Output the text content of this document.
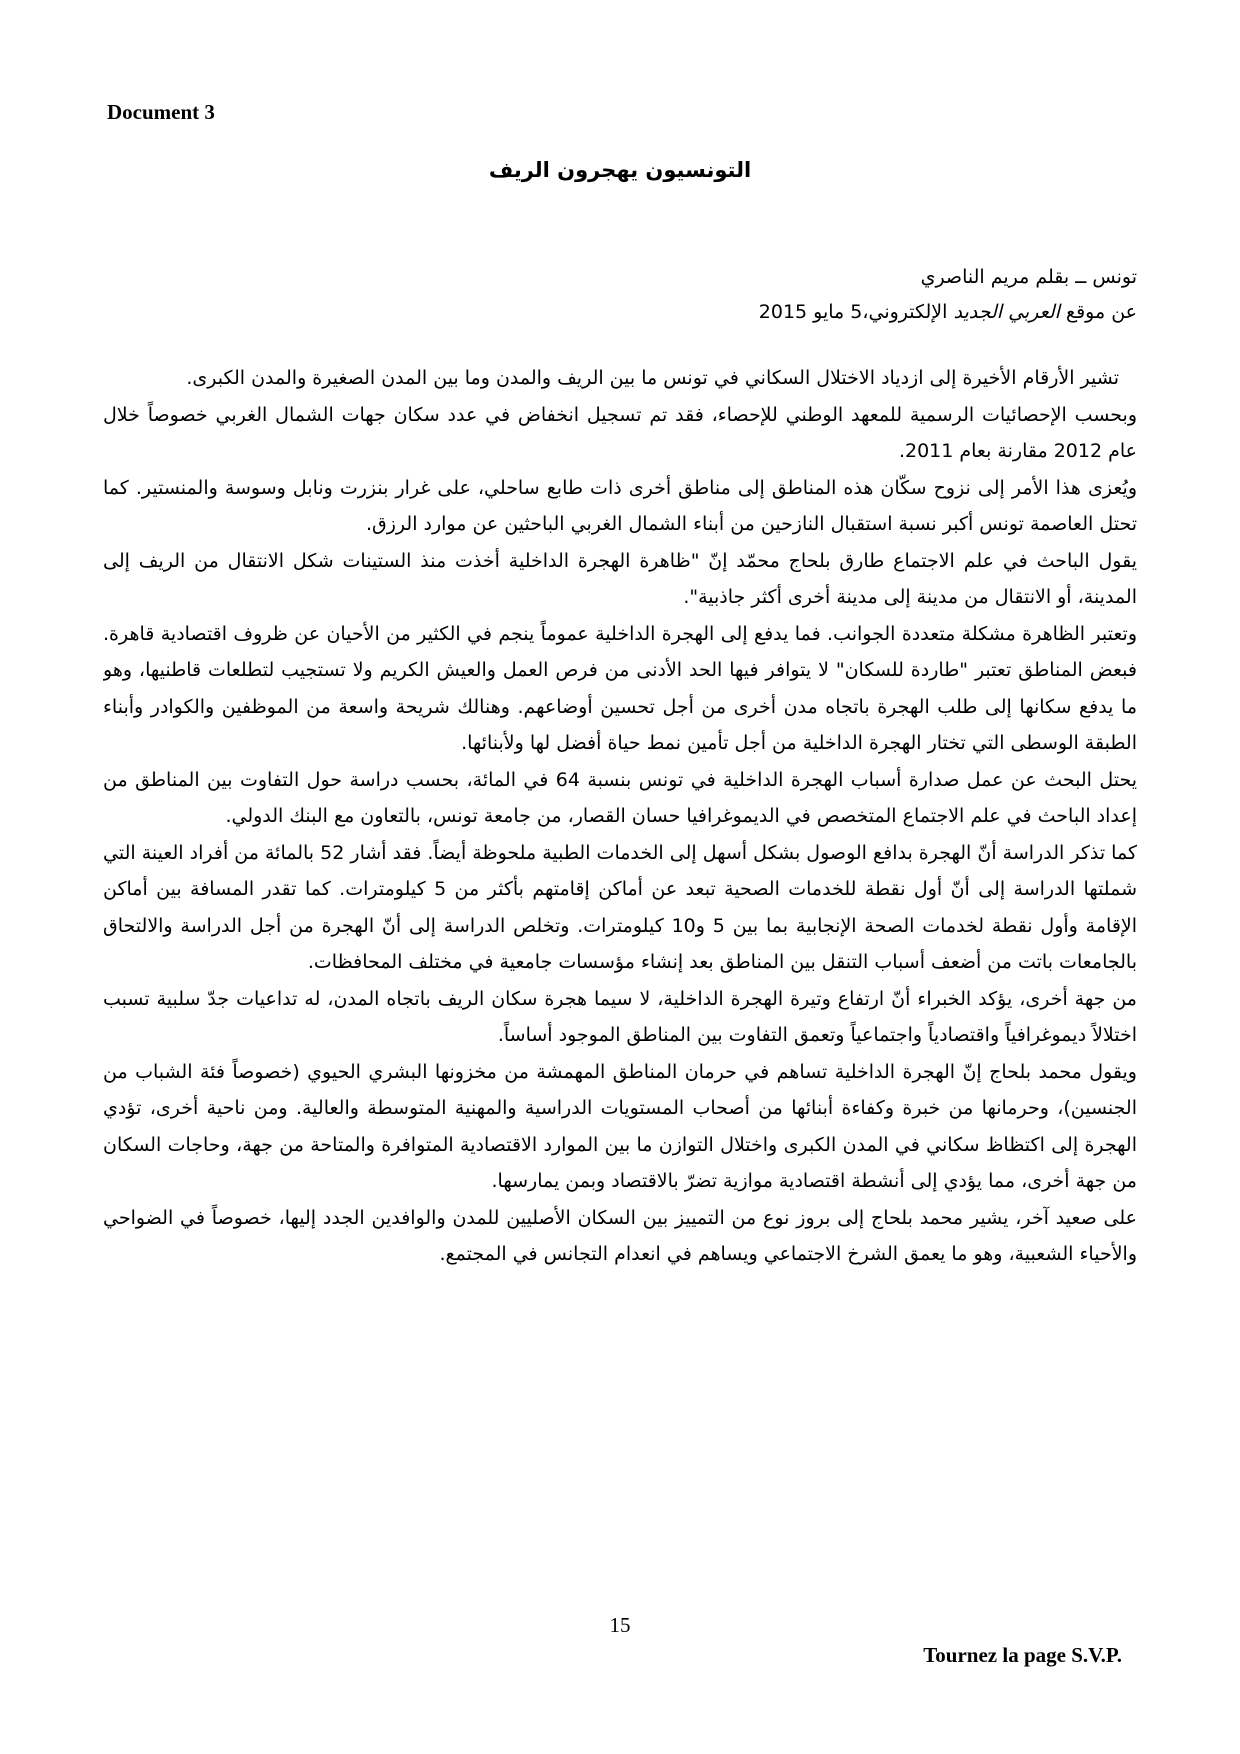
Document 3
التونسيون يهجرون الريف
تونس ــ بقلم مريم الناصري
عن موقع العربي الجديد الإلكتروني،5 مايو 2015

تشير الأرقام الأخيرة إلى ازدياد الاختلال السكاني في تونس ما بين الريف والمدن وما بين المدن الصغيرة والمدن الكبرى.

وبحسب الإحصائيات الرسمية للمعهد الوطني للإحصاء، فقد تم تسجيل انخفاض في عدد سكان جهات الشمال الغربي خصوصاً خلال عام 2012 مقارنة بعام 2011.

ويُعزى هذا الأمر إلى نزوح سكّان هذه المناطق إلى مناطق أخرى ذات طابع ساحلي، على غرار بنزرت ونابل وسوسة والمنستير. كما تحتل العاصمة تونس أكبر نسبة استقبال النازحين من أبناء الشمال الغربي الباحثين عن موارد الرزق.

يقول الباحث في علم الاجتماع طارق بلحاج محمّد إنّ "ظاهرة الهجرة الداخلية أخذت منذ الستينات شكل الانتقال من الريف إلى المدينة، أو الانتقال من مدينة إلى مدينة أخرى أكثر جاذبية".

وتعتبر الظاهرة مشكلة متعددة الجوانب. فما يدفع إلى الهجرة الداخلية عموماً ينجم في الكثير من الأحيان عن ظروف اقتصادية قاهرة. فبعض المناطق تعتبر "طاردة للسكان" لا يتوافر فيها الحد الأدنى من فرص العمل والعيش الكريم ولا تستجيب لتطلعات قاطنيها، وهو ما يدفع سكانها إلى طلب الهجرة باتجاه مدن أخرى من أجل تحسين أوضاعهم. وهنالك شريحة واسعة من الموظفين والكوادر وأبناء الطبقة الوسطى التي تختار الهجرة الداخلية من أجل تأمين نمط حياة أفضل لها ولأبنائها.

يحتل البحث عن عمل صدارة أسباب الهجرة الداخلية في تونس بنسبة 64 في المائة، بحسب دراسة حول التفاوت بين المناطق من إعداد الباحث في علم الاجتماع المتخصص في الديموغرافيا حسان القصار، من جامعة تونس، بالتعاون مع البنك الدولي.

كما تذكر الدراسة أنّ الهجرة بدافع الوصول بشكل أسهل إلى الخدمات الطبية ملحوظة أيضاً. فقد أشار 52 بالمائة من أفراد العينة التي شملتها الدراسة إلى أنّ أول نقطة للخدمات الصحية تبعد عن أماكن إقامتهم بأكثر من 5 كيلومترات. كما تقدر المسافة بين أماكن الإقامة وأول نقطة لخدمات الصحة الإنجابية بما بين 5 و10 كيلومترات. وتخلص الدراسة إلى أنّ الهجرة من أجل الدراسة والالتحاق بالجامعات باتت من أضعف أسباب التنقل بين المناطق بعد إنشاء مؤسسات جامعية في مختلف المحافظات.

من جهة أخرى، يؤكد الخبراء أنّ ارتفاع وتيرة الهجرة الداخلية، لا سيما هجرة سكان الريف باتجاه المدن، له تداعيات جدّ سلبية تسبب اختلالاً ديموغرافياً واقتصادياً واجتماعياً وتعمق التفاوت بين المناطق الموجود أساساً.

ويقول محمد بلحاج إنّ الهجرة الداخلية تساهم في حرمان المناطق المهمشة من مخزونها البشري الحيوي (خصوصاً فئة الشباب من الجنسين)، وحرمانها من خبرة وكفاءة أبنائها من أصحاب المستويات الدراسية والمهنية المتوسطة والعالية. ومن ناحية أخرى، تؤدي الهجرة إلى اكتظاظ سكاني في المدن الكبرى واختلال التوازن ما بين الموارد الاقتصادية المتوافرة والمتاحة من جهة، وحاجات السكان من جهة أخرى، مما يؤدي إلى أنشطة اقتصادية موازية تضرّ بالاقتصاد وبمن يمارسها.

على صعيد آخر، يشير محمد بلحاج إلى بروز نوع من التمييز بين السكان الأصليين للمدن والوافدين الجدد إليها، خصوصاً في الضواحي والأحياء الشعبية، وهو ما يعمق الشرخ الاجتماعي ويساهم في انعدام التجانس في المجتمع.

15
Tournez la page S.V.P.
